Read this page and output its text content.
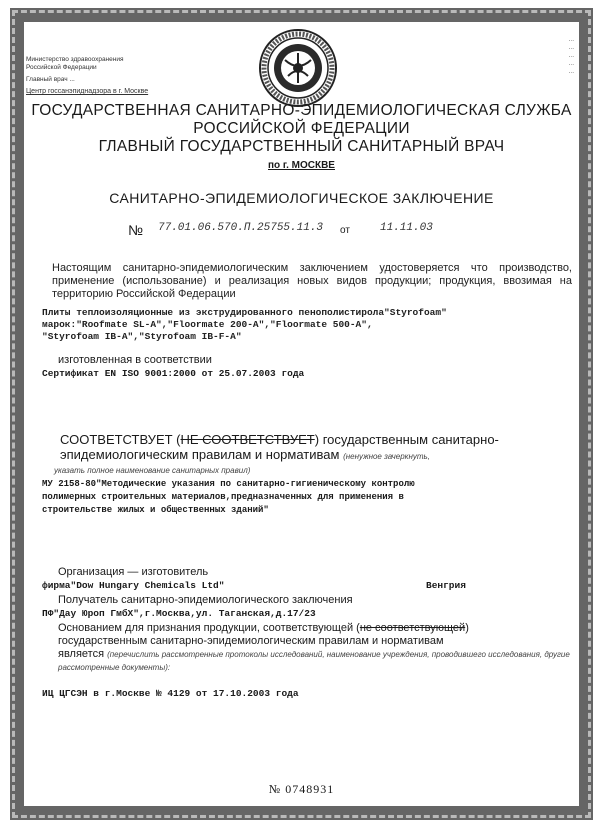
Министерство здравоохранения
Российской Федерации
Главный врач ...
Центр госсанэпиднадзора в г. Москве
...
...
...
...
...
ГОСУДАРСТВЕННАЯ САНИТАРНО-ЭПИДЕМИОЛОГИЧЕСКАЯ СЛУЖБА
РОССИЙСКОЙ ФЕДЕРАЦИИ
ГЛАВНЫЙ ГОСУДАРСТВЕННЫЙ САНИТАРНЫЙ ВРАЧ
по г. МОСКВЕ
САНИТАРНО-ЭПИДЕМИОЛОГИЧЕСКОЕ ЗАКЛЮЧЕНИЕ
№ 77.01.06.570.П.25755.11.3 от	11.11.03
Настоящим санитарно-эпидемиологическим заключением удостоверяется что производство, применение (использование) и реализация новых видов продукции; продукция, ввозимая на территорию Российской Федерации
Плиты теплоизоляционные из экструдированного пенополистирола"Styrofoam"
марок:"Roofmate SL-A","Floormate 200-A","Floormate 500-A",
"Styrofoam IB-A","Styrofoam IB-F-A"
изготовленная в соответствии
Сертификат EN ISO 9001:2000 от 25.07.2003 года
СООТВЕТСТВУЕТ (НЕ СООТВЕТСТВУЕТ) государственным санитарно-эпидемиологическим правилам и нормативам (ненужное зачеркнуть,
указать полное наименование санитарных правил)
МУ 2158-80"Методические указания по санитарно-гигиеническому контролю
полимерных строительных материалов,предназначенных для применения в
строительстве жилых и общественных зданий"
Организация — изготовитель
фирма"Dow Hungary Chemicals Ltd"	Венгрия
Получатель санитарно-эпидемиологического заключения
ПФ"Дау Юроп ГмбХ",г.Москва,ул. Таганская,д.17/23
Основанием для признания продукции, соответствующей (не соответствующей)
государственным санитарно-эпидемиологическим правилам и нормативам
является (перечислить рассмотренные протоколы исследований, наименование учреждения, проводившего исследования, другие рассмотренные документы):
ИЦ ЦГСЭН в г.Москве № 4129 от 17.10.2003 года
№ 0748931
